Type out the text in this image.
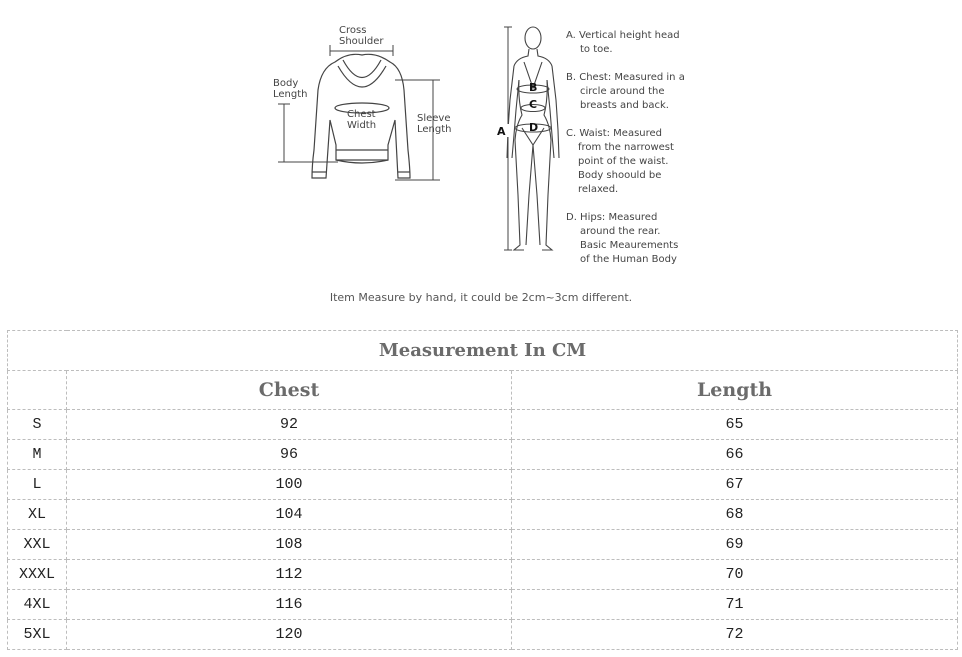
Cross
Shoulder
Body
Length
Chest
Width
Sleeve
Length	A
B
C
D
A. Vertical height head
to toe.
B. Chest: Measured in a
circle around the
breasts and back.
C. Waist: Measured
from the narrowest
point of the waist.
Body shoould be
relaxed.
D. Hips: Measured
around the rear.
Basic Meaurements
of the Human Body
Item Measure by hand, it could be 2cm~3cm different.
Measurement In CM		
	Chest	Length
S	92	65
M	96	66
L	100	67
XL	104	68
XXL	108	69
XXXL	112	70
4XL	116	71
5XL	120	72
